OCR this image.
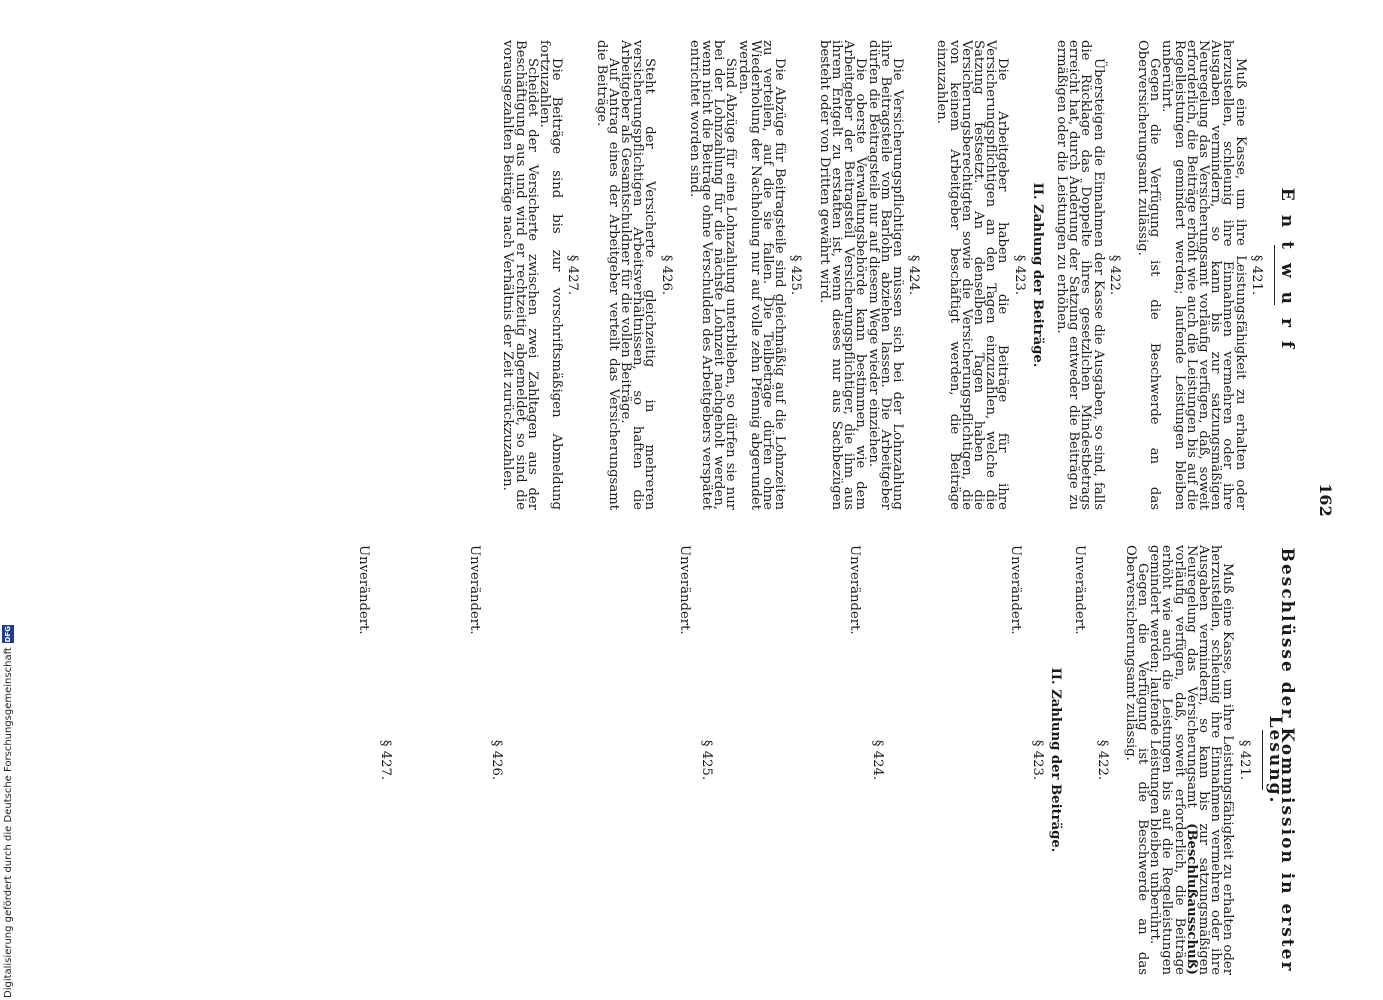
162
Entwurf
§ 421.

Muß eine Kasse, um ihre Leistungsfähigkeit zu erhalten oder herzustellen, schleunig ihre Einnahmen vermehren oder ihre Ausgaben vermindern, so kann bis zur satzungsmäßigen Neuregelung das Versicherungsamt vorläufig verfügen, daß, soweit erforderlich, die Beiträge erhöht wie auch die Leistungen bis auf die Regelleistungen gemindert werden; laufende Leistungen bleiben unberührt.

Gegen die Verfügung ist die Beschwerde an das Oberversicherungsamt zulässig.

§ 422.

Übersteigen die Einnahmen der Kasse die Ausgaben, so sind, falls die Rücklage das Doppelte ihres gesetzlichen Mindestbetrags erreicht hat, durch Änderung der Satzung entweder die Beiträge zu ermäßigen oder die Leistungen zu erhöhen.

II. Zahlung der Beiträge.
§ 423.

Die Arbeitgeber haben die Beiträge für ihre Versicherungspflichtigen an den Tagen einzuzahlen, welche die Satzung festsetzt. An denselben Tagen haben die Versicherungsberechtigten sowie die Versicherungspflichtigen, die von keinem Arbeitgeber beschäftigt werden, die Beiträge einzuzahlen.

§ 424.

Die Versicherungspflichtigen müssen sich bei der Lohnzahlung ihre Beitragsteile vom Barlohn abziehen lassen. Die Arbeitgeber dürfen die Beitragsteile nur auf diesem Wege wieder einziehen.

Die oberste Verwaltungsbehörde kann bestimmen, wie dem Arbeitgeber der Beitragsteil Versicherungspflichtiger, die ihm aus ihrem Entgelt zu erstatten ist, wenn dieses nur aus Sachbezügen besteht oder von Dritten gewährt wird.

§ 425.

Die Abzüge für Beitragsteile sind gleichmäßig auf die Lohnzeiten zu verteilen, auf die sie fallen. Die Teilbeträge dürfen ohne Wiederholung der Nachholung nur auf volle zehn Pfennig abgerundet werden.

Sind Abzüge für eine Lohnzahlung unterblieben, so dürfen sie nur bei der Lohnzahlung für die nächste Lohnzeit nachgeholt werden, wenn nicht die Beiträge ohne Verschulden des Arbeitgebers verspätet entrichtet worden sind.

§ 426.

Steht der Versicherte gleichzeitig in mehreren versicherungspflichtigen Arbeitsverhältnissen, so haften die Arbeitgeber als Gesamtschuldner für die vollen Beiträge.

Auf Antrag eines der Arbeitgeber verteilt das Versicherungsamt die Beiträge.

§ 427.

Die Beiträge sind bis zur vorschriftsmäßigen Abmeldung fortzuzahlen.

Scheidet der Versicherte zwischen zwei Zahltagen aus der Beschäftigung aus und wird er rechtzeitig abgemeldet, so sind die vorausgezahlten Beiträge nach Verhältnis der Zeit zurückzuzahlen.

Beschlüsse der Kommission in erster Lesung.
§ 421.

Muß eine Kasse, um ihre Leistungsfähigkeit zu erhalten oder herzustellen, schleunig ihre Einnahmen vermehren oder ihre Ausgaben vermindern, so kann bis zur satzungsmäßigen Neuregelung das Versicherungsamt (Beschlußausschuß) vorläufig verfügen, daß, soweit erforderlich, die Beiträge erhöht wie auch die Leistungen bis auf die Regelleistungen gemindert werden; laufende Leistungen bleiben unberührt.

Gegen die Verfügung ist die Beschwerde an das Oberversicherungsamt zulässig.

§ 422.
Unverändert.
II. Zahlung der Beiträge.
§ 423.
Unverändert.
§ 424.
Unverändert.
§ 425.
Unverändert.
§ 426.
Unverändert.
§ 427.
Unverändert.
Digitalisierung gefördert durch die Deutsche Forschungsgemeinschaft
DFG
